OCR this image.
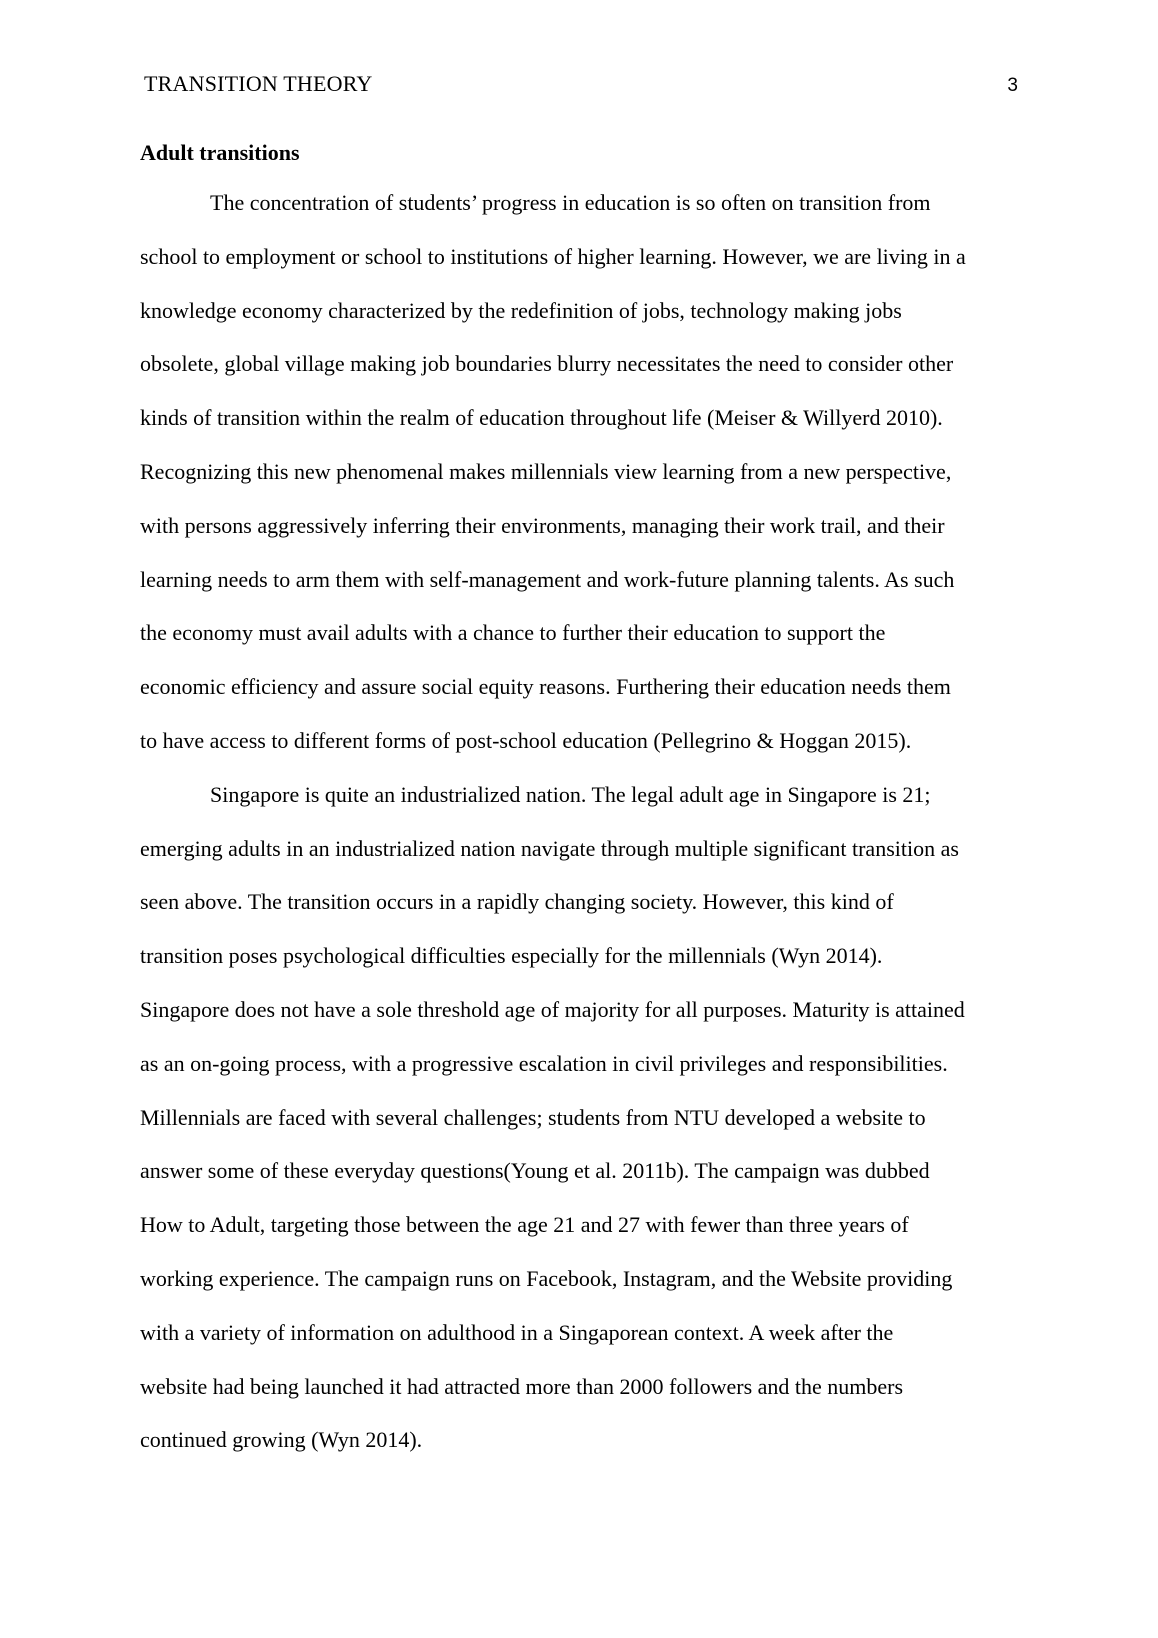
TRANSITION THEORY	3
Adult transitions
The concentration of students’ progress in education is so often on transition from
school to employment or school to institutions of higher learning. However, we are living in a
knowledge economy characterized by the redefinition of jobs, technology making jobs
obsolete, global village making job boundaries blurry necessitates the need to consider other
kinds of transition within the realm of education throughout life (Meiser & Willyerd 2010).
Recognizing this new phenomenal makes millennials view learning from a new perspective,
with persons aggressively inferring their environments, managing their work trail, and their
learning needs to arm them with self-management and work-future planning talents. As such
the economy must avail adults with a chance to further their education to support the
economic efficiency and assure social equity reasons. Furthering their education needs them
to have access to different forms of post-school education (Pellegrino & Hoggan 2015).
Singapore is quite an industrialized nation. The legal adult age in Singapore is 21;
emerging adults in an industrialized nation navigate through multiple significant transition as
seen above. The transition occurs in a rapidly changing society. However, this kind of
transition poses psychological difficulties especially for the millennials (Wyn 2014).
Singapore does not have a sole threshold age of majority for all purposes. Maturity is attained
as an on-going process, with a progressive escalation in civil privileges and responsibilities.
Millennials are faced with several challenges; students from NTU developed a website to
answer some of these everyday questions(Young et al. 2011b). The campaign was dubbed
How to Adult, targeting those between the age 21 and 27 with fewer than three years of
working experience. The campaign runs on Facebook, Instagram, and the Website providing
with a variety of information on adulthood in a Singaporean context. A week after the
website had being launched it had attracted more than 2000 followers and the numbers
continued growing (Wyn 2014).
